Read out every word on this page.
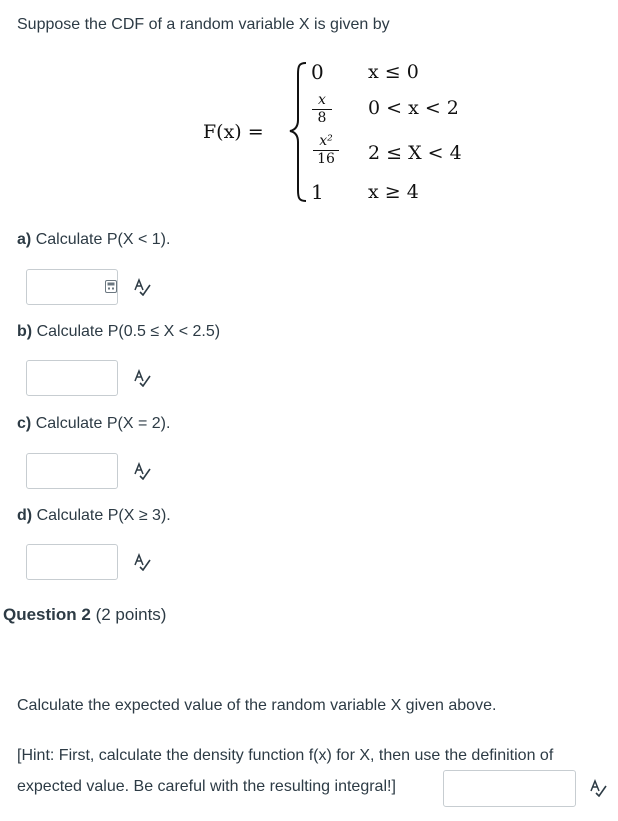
Suppose the CDF of a random variable X is given by
F(x) =
0
x
8
x²
16
1
x ≤ 0
0 < x < 2
2 ≤ X < 4
x ≥ 4
a) Calculate P(X < 1).
b) Calculate P(0.5 ≤ X < 2.5)
c) Calculate P(X = 2).
d) Calculate P(X ≥ 3).
Question 2 (2 points)
Calculate the expected value of the random variable X given above.
[Hint: First, calculate the density function f(x) for X, then use the definition of
expected value. Be careful with the resulting integral!]
